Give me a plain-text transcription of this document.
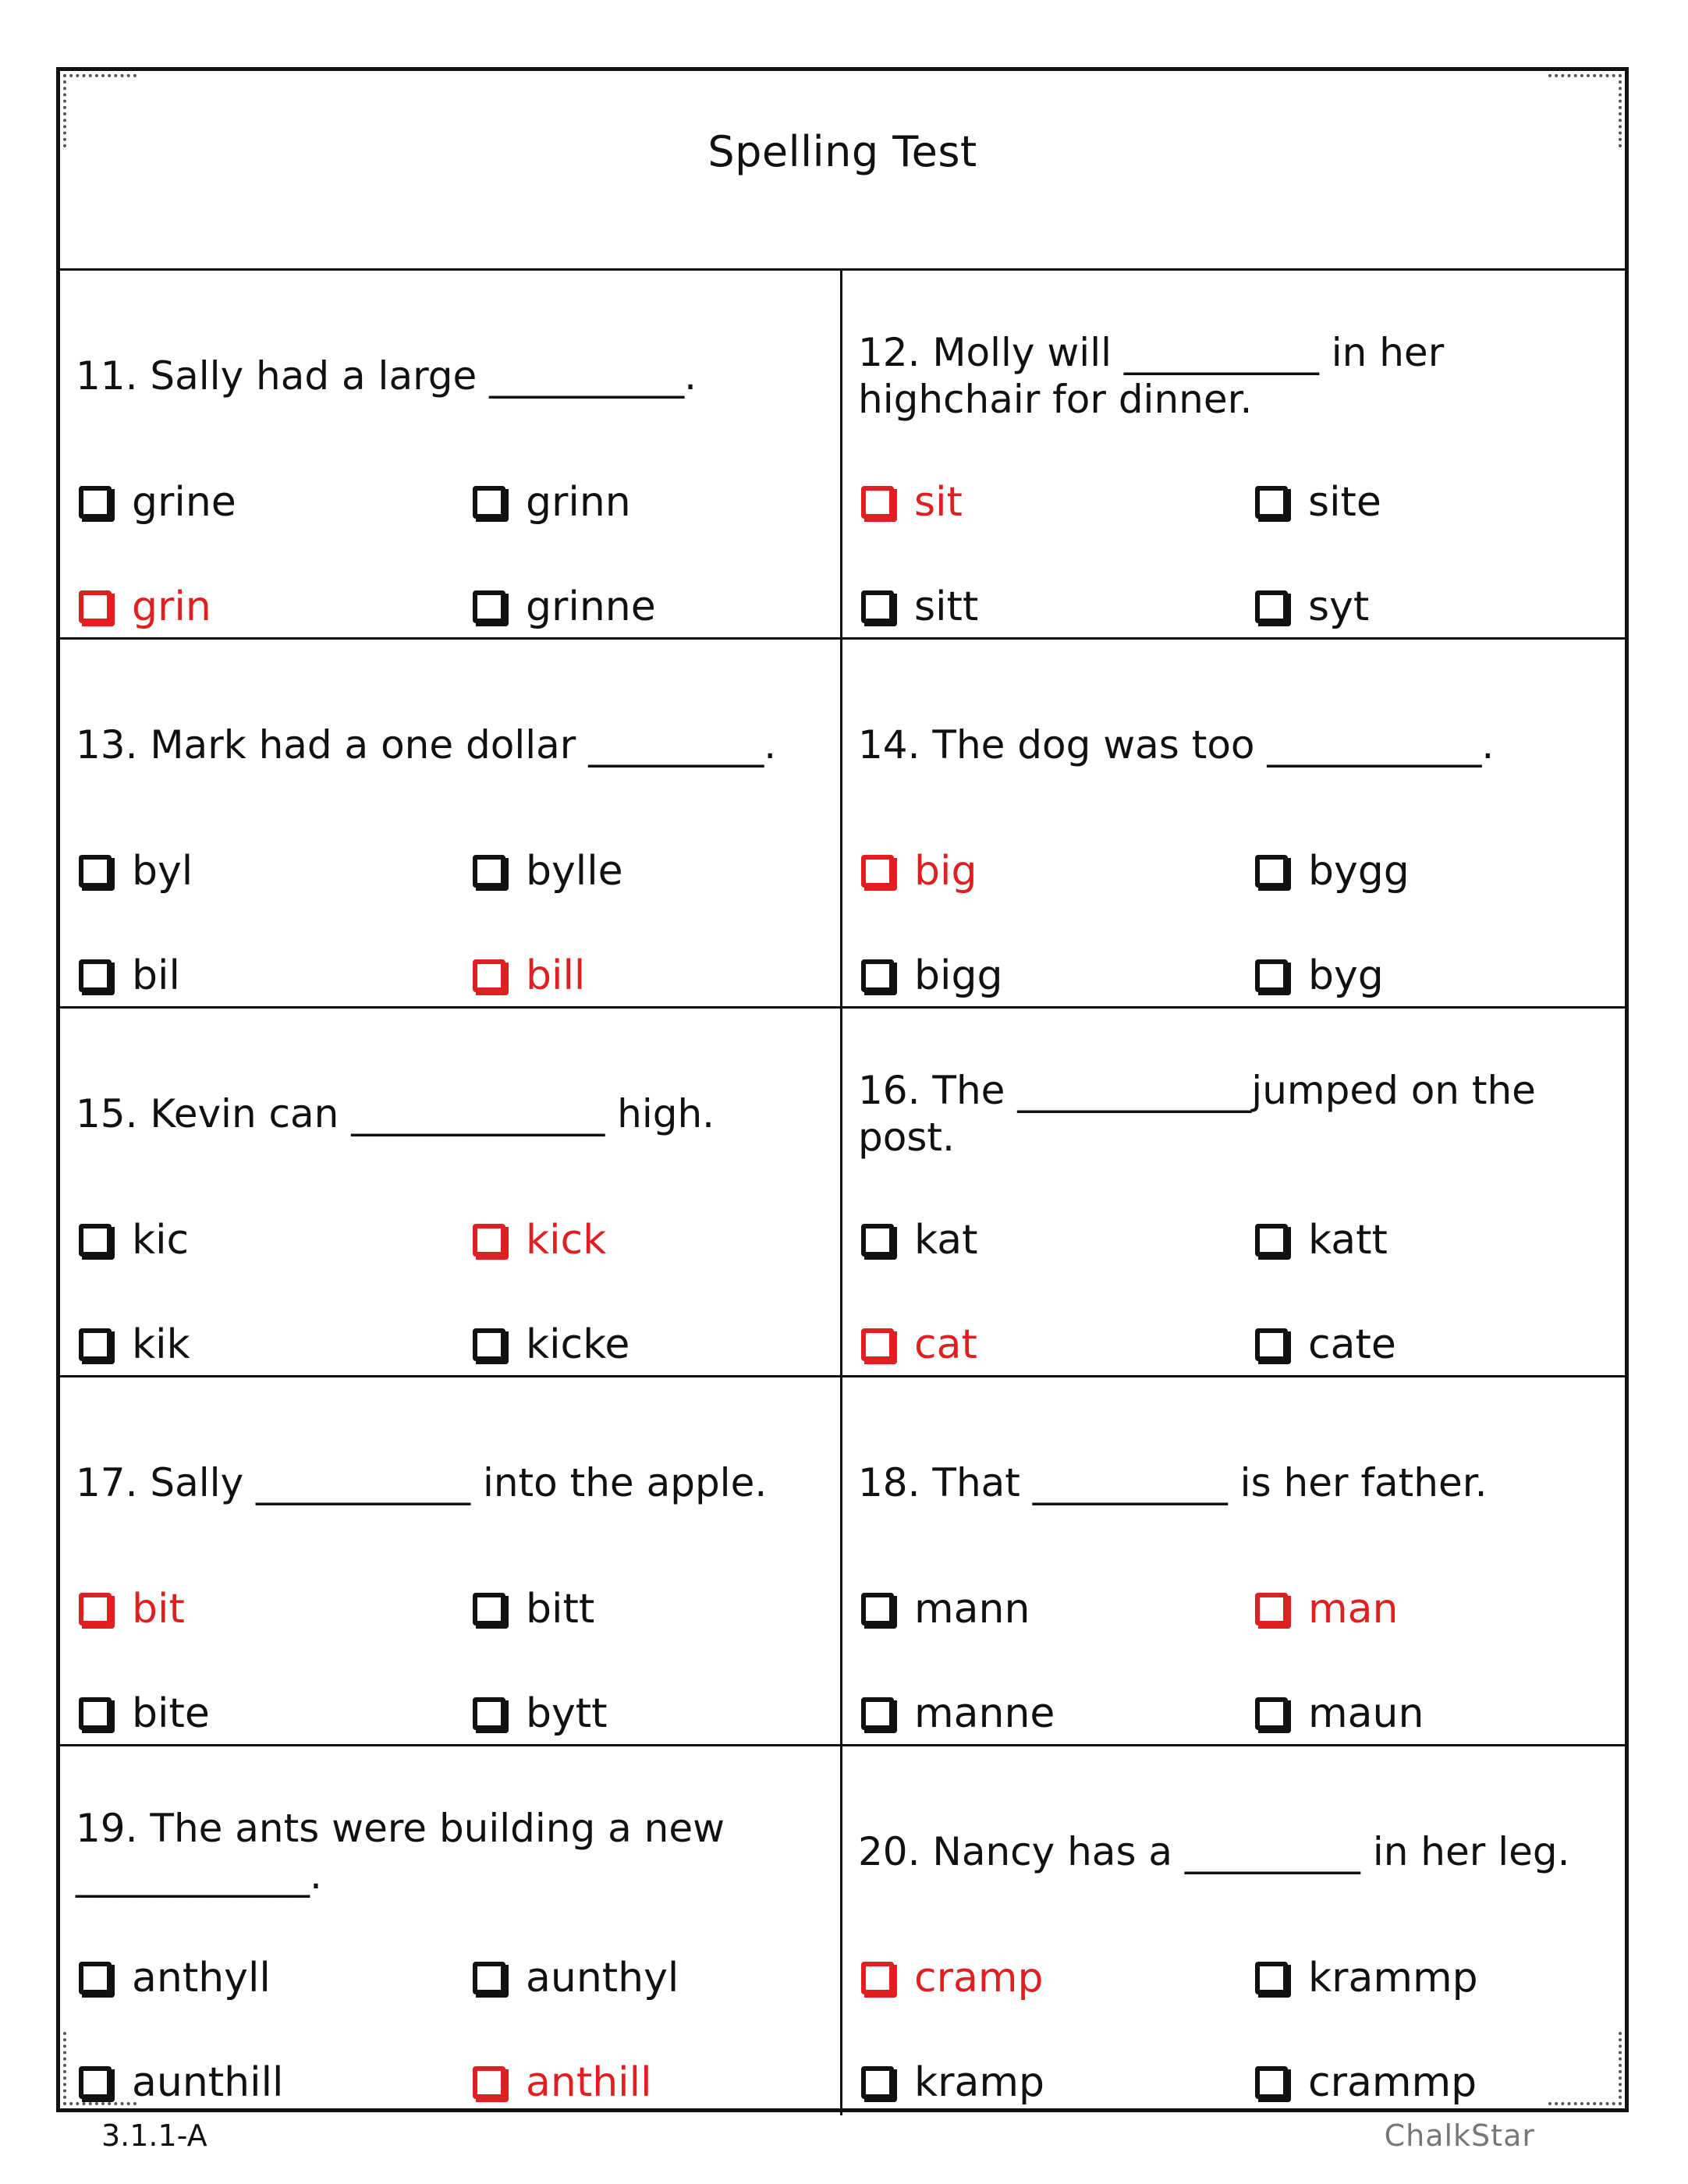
Spelling Test
11. Sally had a large __________.
grine	grinn
grin	grinne
12. Molly will __________ in her highchair for dinner.
sit	site
sitt	syt
13. Mark had a one dollar _________.
byl	bylle
bil	bill
14. The dog was too ___________.
big	bygg
bigg	byg
15. Kevin can _____________ high.
kic	kick
kik	kicke
16. The ____________jumped on the post.
kat	katt
cat	cate
17. Sally ___________ into the apple.
bit	bitt
bite	bytt
18. That __________ is her father.
mann	man
manne	maun
19. The ants were building a new ____________.
anthyll	aunthyl
aunthill	anthill
20. Nancy has a _________ in her leg.
cramp	krammp
kramp	crammp
3.1.1-A	ChalkStar
